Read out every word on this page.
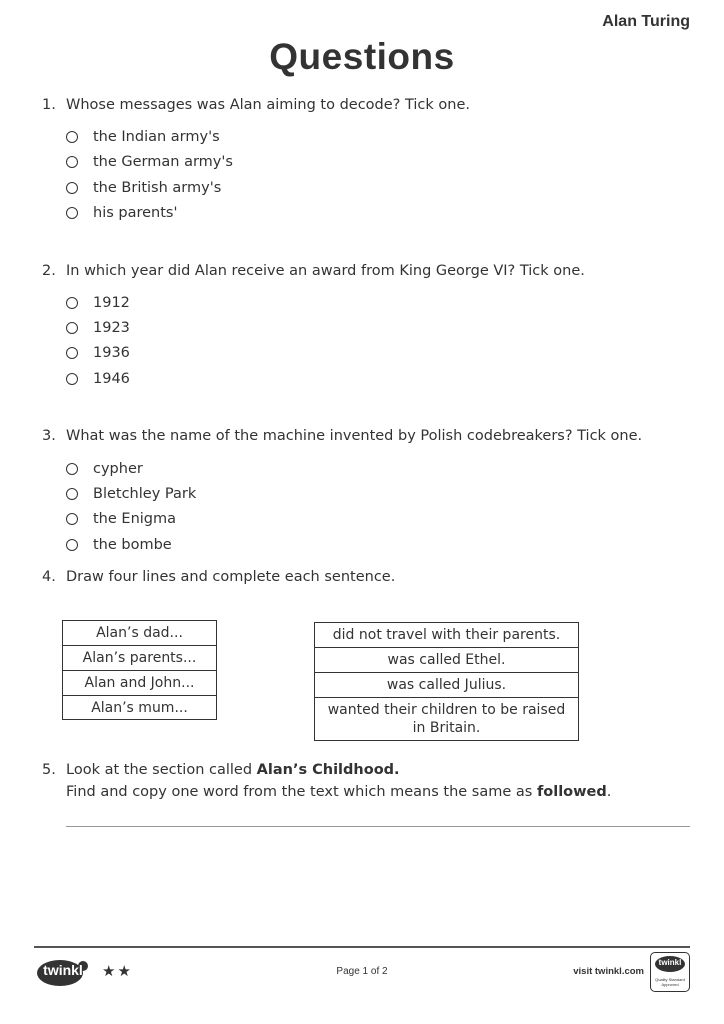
Alan Turing
Questions
1. Whose messages was Alan aiming to decode? Tick one.
the Indian army's
the German army's
the British army's
his parents'
2. In which year did Alan receive an award from King George VI? Tick one.
1912
1923
1936
1946
3. What was the name of the machine invented by Polish codebreakers? Tick one.
cypher
Bletchley Park
the Enigma
the bombe
4. Draw four lines and complete each sentence.
Alan’s dad...
Alan’s parents...
Alan and John...
Alan’s mum...
did not travel with their parents.
was called Ethel.
was called Julius.
wanted their children to be raised in Britain.
5. Look at the section called Alan’s Childhood.
Find and copy one word from the text which means the same as followed.
twinkl	★★	Page 1 of 2	visit twinkl.com
twinkl
Quality Standard Approved
